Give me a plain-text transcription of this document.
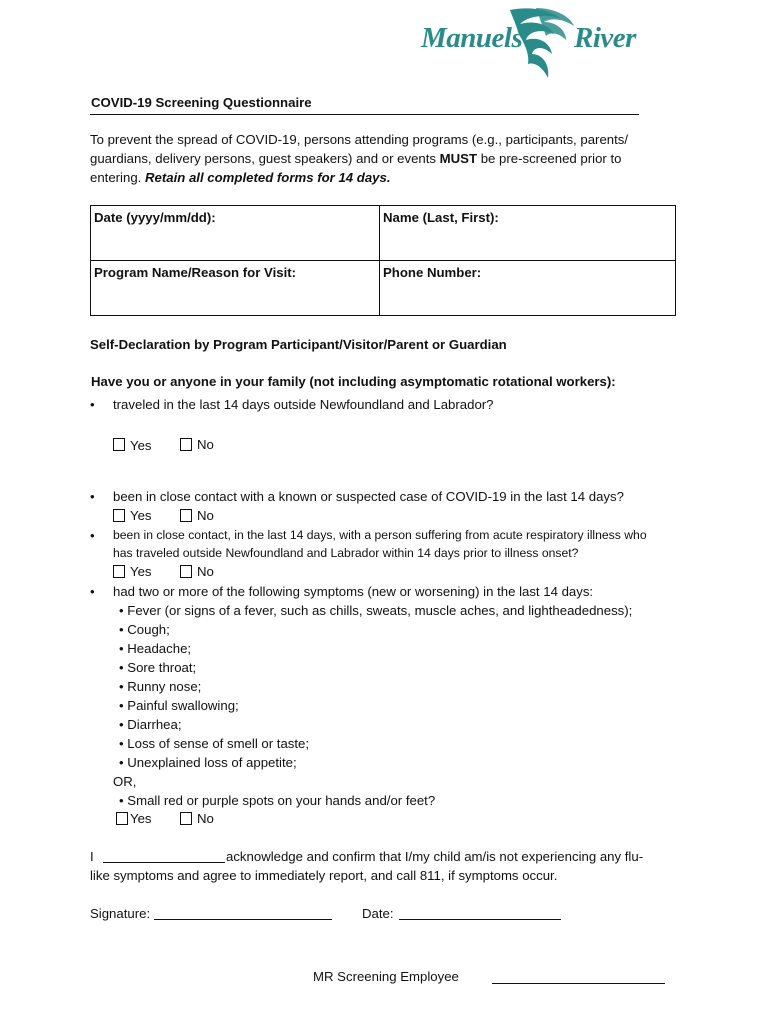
Manuels River
COVID-19 Screening Questionnaire
To prevent the spread of COVID-19, persons attending programs (e.g., participants, parents/
guardians, delivery persons, guest speakers) and or events MUST be pre-screened prior to
entering. Retain all completed forms for 14 days.
Date (yyyy/mm/dd):	Name (Last, First):
Program Name/Reason for Visit:	Phone Number:
Self-Declaration by Program Participant/Visitor/Parent or Guardian
Have you or anyone in your family (not including asymptomatic rotational workers):
• traveled in the last 14 days outside Newfoundland and Labrador?
Yes	No
• been in close contact with a known or suspected case of COVID-19 in the last 14 days?
Yes	No
• been in close contact, in the last 14 days, with a person suffering from acute respiratory illness who
has traveled outside Newfoundland and Labrador within 14 days prior to illness onset?
Yes	No
• had two or more of the following symptoms (new or worsening) in the last 14 days:
• Fever (or signs of a fever, such as chills, sweats, muscle aches, and lightheadedness);
• Cough;
• Headache;
• Sore throat;
• Runny nose;
• Painful swallowing;
• Diarrhea;
• Loss of sense of smell or taste;
• Unexplained loss of appetite;
OR,
• Small red or purple spots on your hands and/or feet?
Yes	No
I	acknowledge and confirm that I/my child am/is not experiencing any flu-
like symptoms and agree to immediately report, and call 811, if symptoms occur.
Signature:	Date:
MR Screening Employee
